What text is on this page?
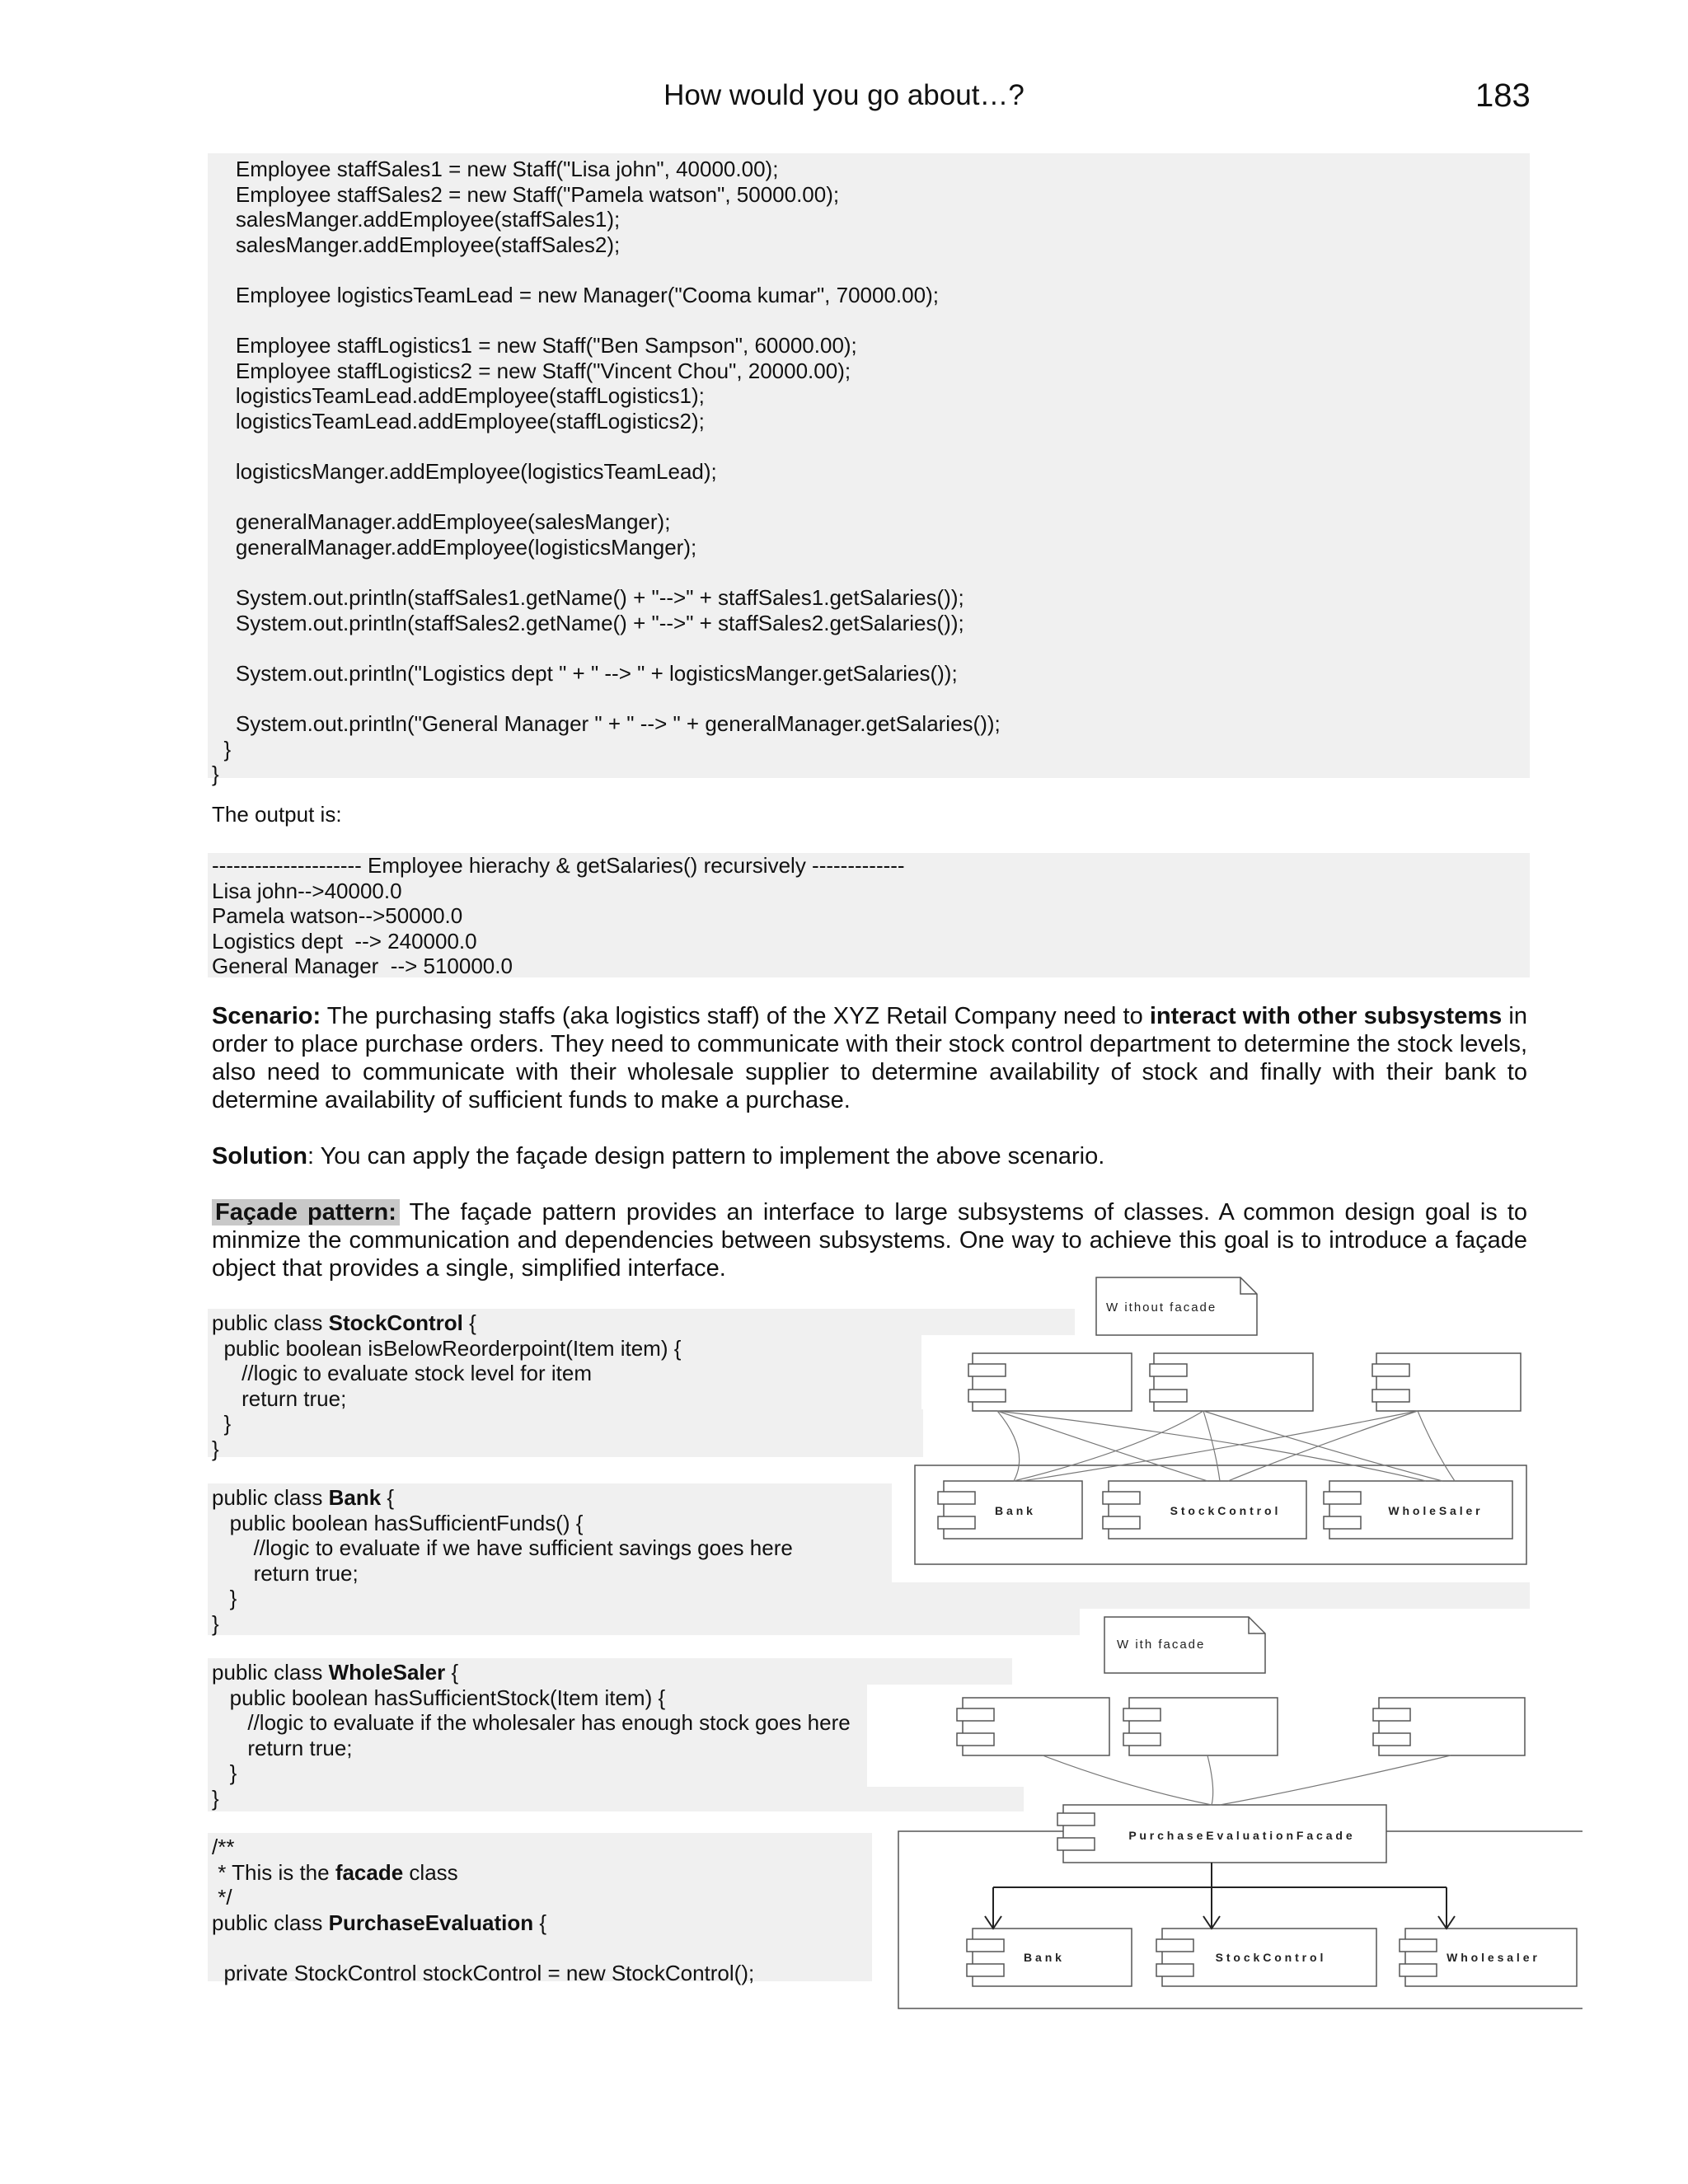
How would you go about…?	183
Employee staffSales1 = new Staff("Lisa john", 40000.00);
Employee staffSales2 = new Staff("Pamela watson", 50000.00);
salesManger.addEmployee(staffSales1);
salesManger.addEmployee(staffSales2);

Employee logisticsTeamLead = new Manager("Cooma kumar", 70000.00);

Employee staffLogistics1 = new Staff("Ben Sampson", 60000.00);
Employee staffLogistics2 = new Staff("Vincent Chou", 20000.00);
logisticsTeamLead.addEmployee(staffLogistics1);
logisticsTeamLead.addEmployee(staffLogistics2);

logisticsManger.addEmployee(logisticsTeamLead);

generalManager.addEmployee(salesManger);
generalManager.addEmployee(logisticsManger);

System.out.println(staffSales1.getName() + "-->" + staffSales1.getSalaries());
System.out.println(staffSales2.getName() + "-->" + staffSales2.getSalaries());

System.out.println("Logistics dept " + " --> " + logisticsManger.getSalaries());

System.out.println("General Manager " + " --> " + generalManager.getSalaries());
}
}
The output is:
--------------------- Employee hierachy & getSalaries() recursively -------------
Lisa john-->40000.0
Pamela watson-->50000.0
Logistics dept  --> 240000.0
General Manager  --> 510000.0
Scenario: The purchasing staffs (aka logistics staff) of the XYZ Retail Company need to interact with other subsystems in order to place purchase orders. They need to communicate with their stock control department to determine the stock levels, also need to communicate with their wholesale supplier to determine availability of stock and finally with their bank to determine availability of sufficient funds to make a purchase.
Solution: You can apply the façade design pattern to implement the above scenario.
Façade pattern: The façade pattern provides an interface to large subsystems of classes. A common design goal is to minmize the communication and dependencies between subsystems. One way to achieve this goal is to introduce a façade object that provides a single, simplified interface.
public class StockControl {
public boolean isBelowReorderpoint(Item item) {
//logic to evaluate stock level for item
return true;
}
}
public class Bank {
public boolean hasSufficientFunds() {
//logic to evaluate if we have sufficient savings goes here
return true;
}
}
public class WholeSaler {
public boolean hasSufficientStock(Item item) {
//logic to evaluate if the wholesaler has enough stock goes here
return true;
}
}
/**
* This is the facade class
*/
public class PurchaseEvaluation {

private StockControl stockControl = new StockControl();
W ithout facade
B a n k	S t o c k C o n t r o l	W h o l e S a l e r
W ith facade
P u r c h a s e E v a l u a t i o n F a c a d e
B a n k	S t o c k C o n t r o l	W h o l e s a l e r
